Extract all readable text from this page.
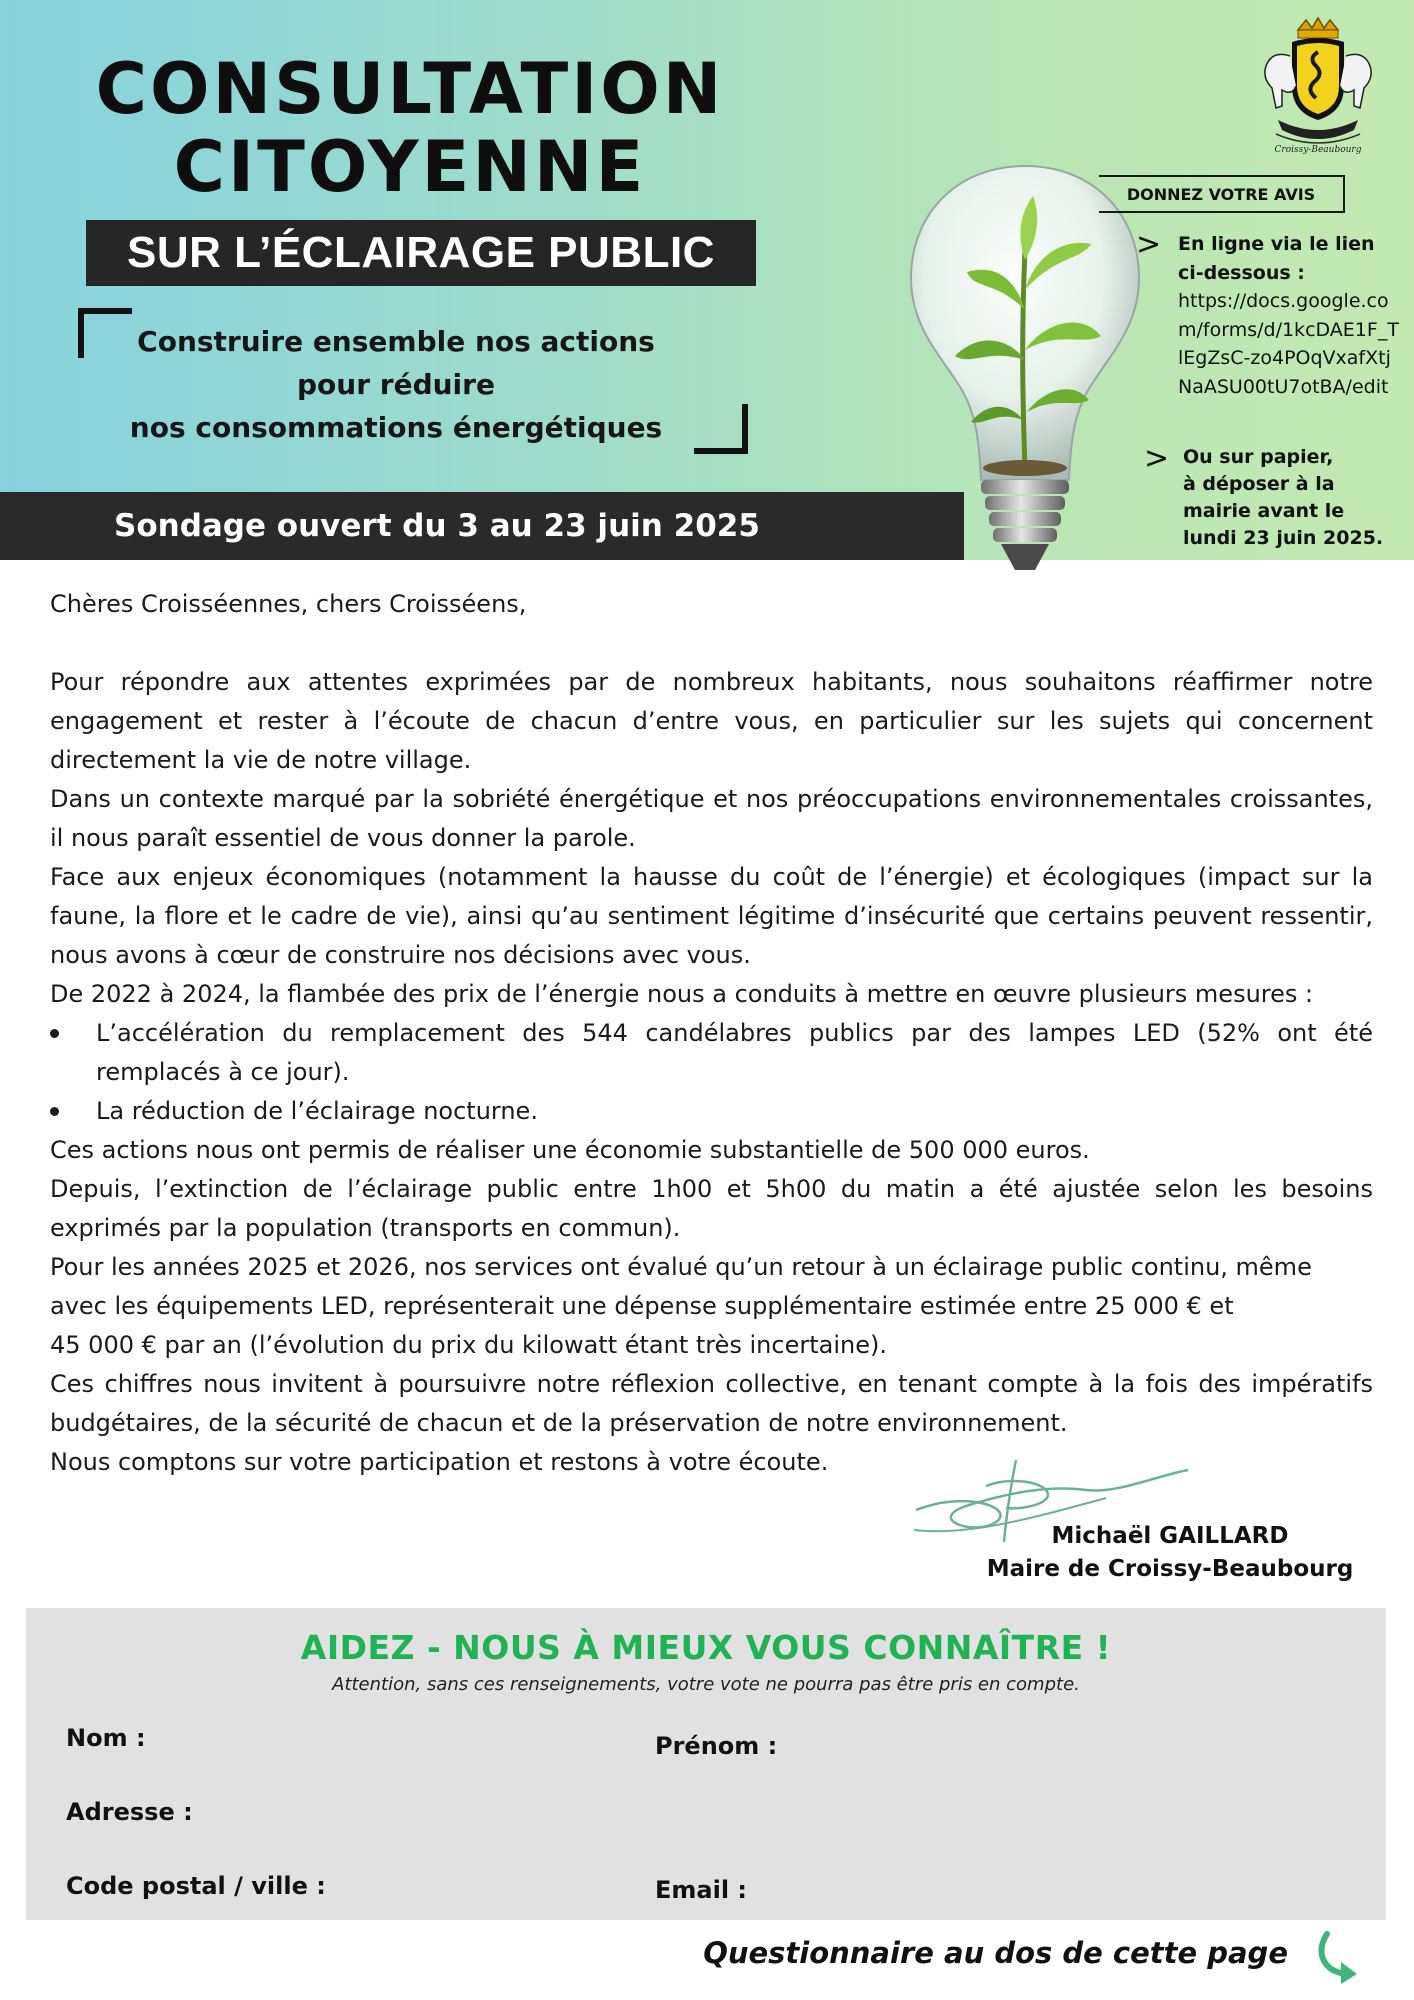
CONSULTATION
CITOYENNE
SUR L’ÉCLAIRAGE PUBLIC
Construire ensemble nos actions
pour réduire
nos consommations énergétiques
Sondage ouvert du 3 au 23 juin 2025
Croissy-Beaubourg
DONNEZ VOTRE AVIS
> En ligne via le lien
ci-dessous :
https://docs.google.com/forms/d/1kcDAE1F_TlEgZsC-zo4POqVxafXtjNaASU00tU7otBA/edit
> Ou sur papier,
à déposer à la
mairie avant le
lundi 23 juin 2025.

Chères Croisséennes, chers Croisséens,

Pour répondre aux attentes exprimées par de nombreux habitants, nous souhaitons réaffirmer notre engagement et rester à l’écoute de chacun d’entre vous, en particulier sur les sujets qui concernent directement la vie de notre village.

Dans un contexte marqué par la sobriété énergétique et nos préoccupations environnementales croissantes, il nous paraît essentiel de vous donner la parole.

Face aux enjeux économiques (notamment la hausse du coût de l’énergie) et écologiques (impact sur la faune, la flore et le cadre de vie), ainsi qu’au sentiment légitime d’insécurité que certains peuvent ressentir, nous avons à cœur de construire nos décisions avec vous.

De 2022 à 2024, la flambée des prix de l’énergie nous a conduits à mettre en œuvre plusieurs mesures :

L’accélération du remplacement des 544 candélabres publics par des lampes LED (52% ont été remplacés à ce jour).
La réduction de l’éclairage nocturne.

Ces actions nous ont permis de réaliser une économie substantielle de 500 000 euros.

Depuis, l’extinction de l’éclairage public entre 1h00 et 5h00 du matin a été ajustée selon les besoins exprimés par la population (transports en commun).

Pour les années 2025 et 2026, nos services ont évalué qu’un retour à un éclairage public continu, même avec les équipements LED, représenterait une dépense supplémentaire estimée entre 25 000 € et

45 000 € par an (l’évolution du prix du kilowatt étant très incertaine).

Ces chiffres nous invitent à poursuivre notre réflexion collective, en tenant compte à la fois des impératifs budgétaires, de la sécurité de chacun et de la préservation de notre environnement.

Nous comptons sur votre participation et restons à votre écoute.

Michaël GAILLARD
Maire de Croissy-Beaubourg
AIDEZ - NOUS À MIEUX VOUS CONNAÎTRE !
Attention, sans ces renseignements, votre vote ne pourra pas être pris en compte.
Nom :	Prénom :
Adresse :
Code postal / ville :	Email :
Questionnaire au dos de cette page
